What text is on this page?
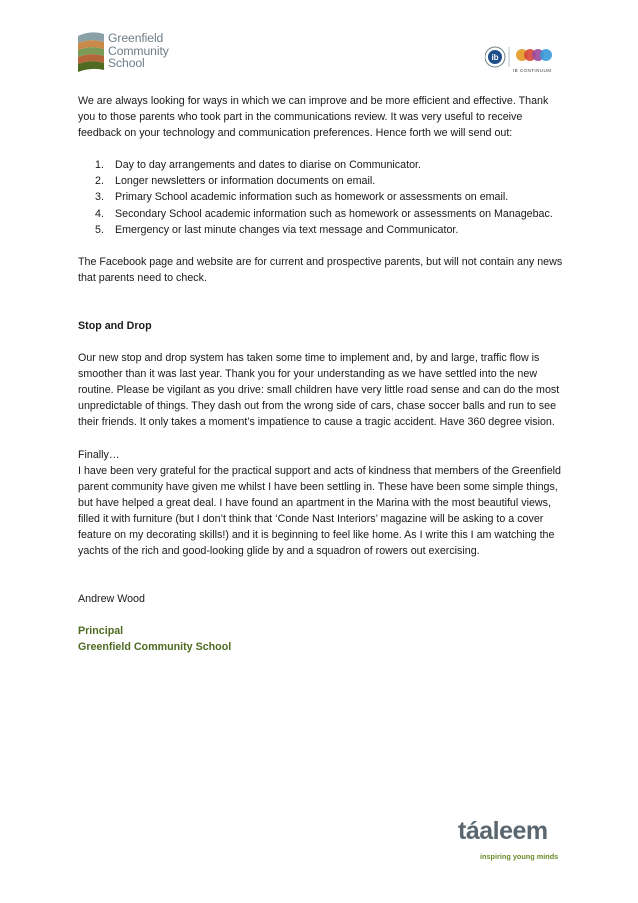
Greenfield
Community
School	ib
IB CONTINUUM

We are always looking for ways in which we can improve and be more efficient and effective. Thank you to those parents who took part in the communications review. It was very useful to receive feedback on your technology and communication preferences. Hence forth we will send out:

1. Day to day arrangements and dates to diarise on Communicator.
2. Longer newsletters or information documents on email.
3. Primary School academic information such as homework or assessments on email.
4. Secondary School academic information such as homework or assessments on Managebac.
5. Emergency or last minute changes via text message and Communicator.

The Facebook page and website are for current and prospective parents, but will not contain any news that parents need to check.

Stop and Drop

Our new stop and drop system has taken some time to implement and, by and large, traffic flow is smoother than it was last year. Thank you for your understanding as we have settled into the new routine. Please be vigilant as you drive: small children have very little road sense and can do the most unpredictable of things. They dash out from the wrong side of cars, chase soccer balls and run to see their friends. It only takes a moment’s impatience to cause a tragic accident. Have 360 degree vision.

Finally…

I have been very grateful for the practical support and acts of kindness that members of the Greenfield parent community have given me whilst I have been settling in. These have been some simple things, but have helped a great deal. I have found an apartment in the Marina with the most beautiful views, filled it with furniture (but I don’t think that ‘Conde Nast Interiors’ magazine will be asking to a cover feature on my decorating skills!) and it is beginning to feel like home. As I write this I am watching the yachts of the rich and good-looking glide by and a squadron of rowers out exercising.

Andrew Wood

Principal

Greenfield Community School

táaleem
inspiring young minds
